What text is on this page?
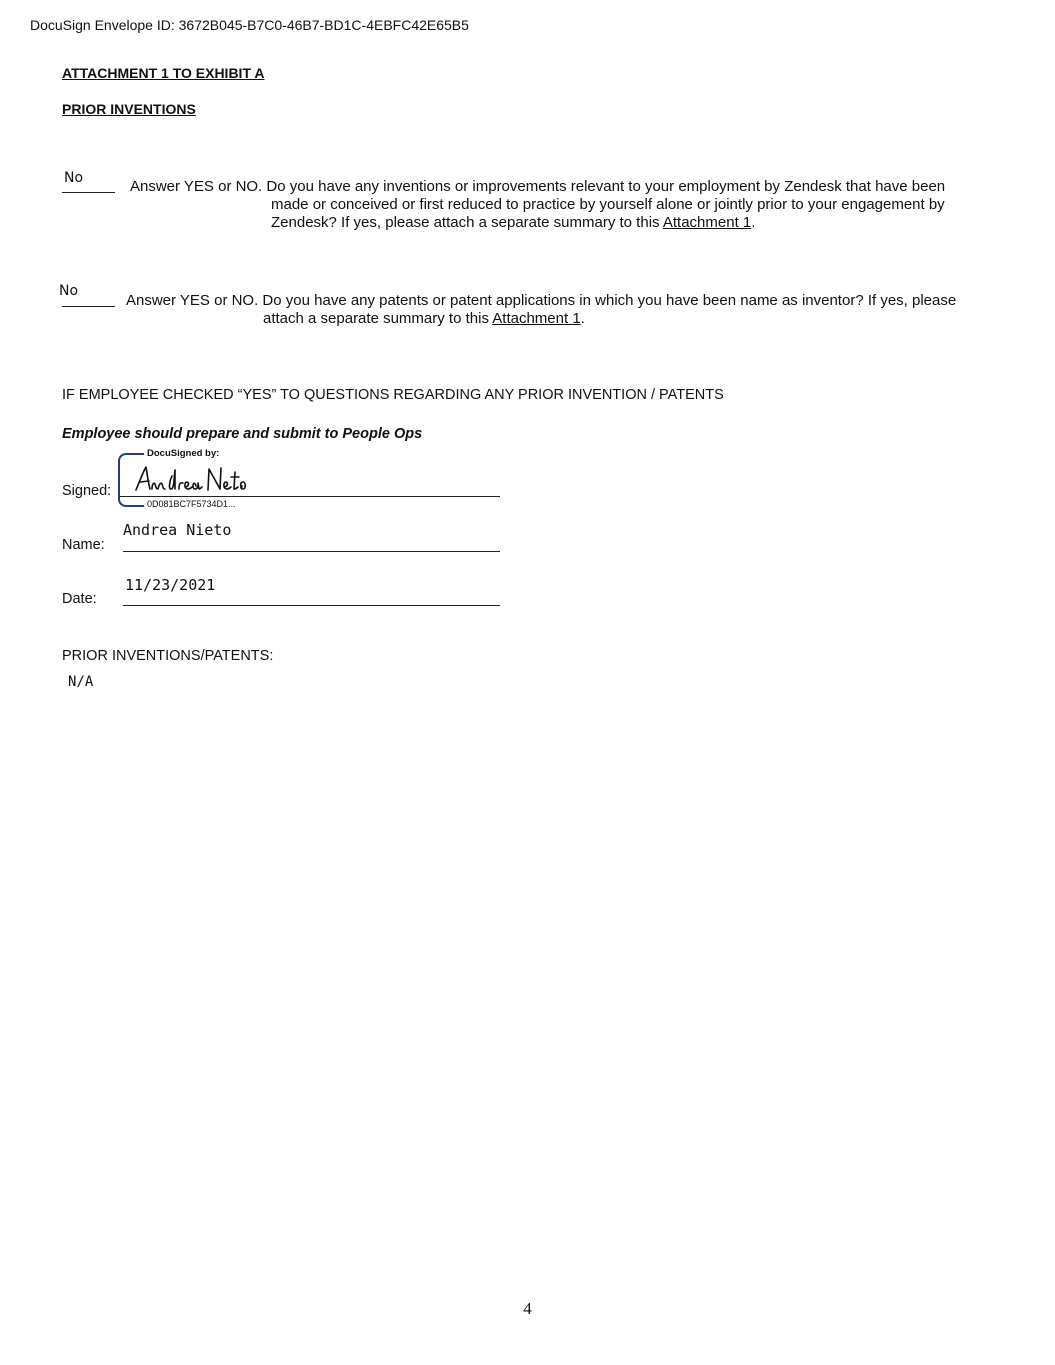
DocuSign Envelope ID: 3672B045-B7C0-46B7-BD1C-4EBFC42E65B5
ATTACHMENT 1 TO EXHIBIT A
PRIOR INVENTIONS
No	Answer YES or NO. Do you have any inventions or improvements relevant to your employment by Zendesk that have been
made or conceived or first reduced to practice by yourself alone or jointly prior to your engagement by
Zendesk? If yes, please attach a separate summary to this Attachment 1.
No
Answer YES or NO. Do you have any patents or patent applications in which you have been name as inventor? If yes, please
attach a separate summary to this Attachment 1.
IF EMPLOYEE CHECKED “YES” TO QUESTIONS REGARDING ANY PRIOR INVENTION / PATENTS
Employee should prepare and submit to People Ops
Signed:
DocuSigned by:
0D081BC7F5734D1...
Name:
Andrea Nieto
Date:
11/23/2021
PRIOR INVENTIONS/PATENTS:
N/A
4
